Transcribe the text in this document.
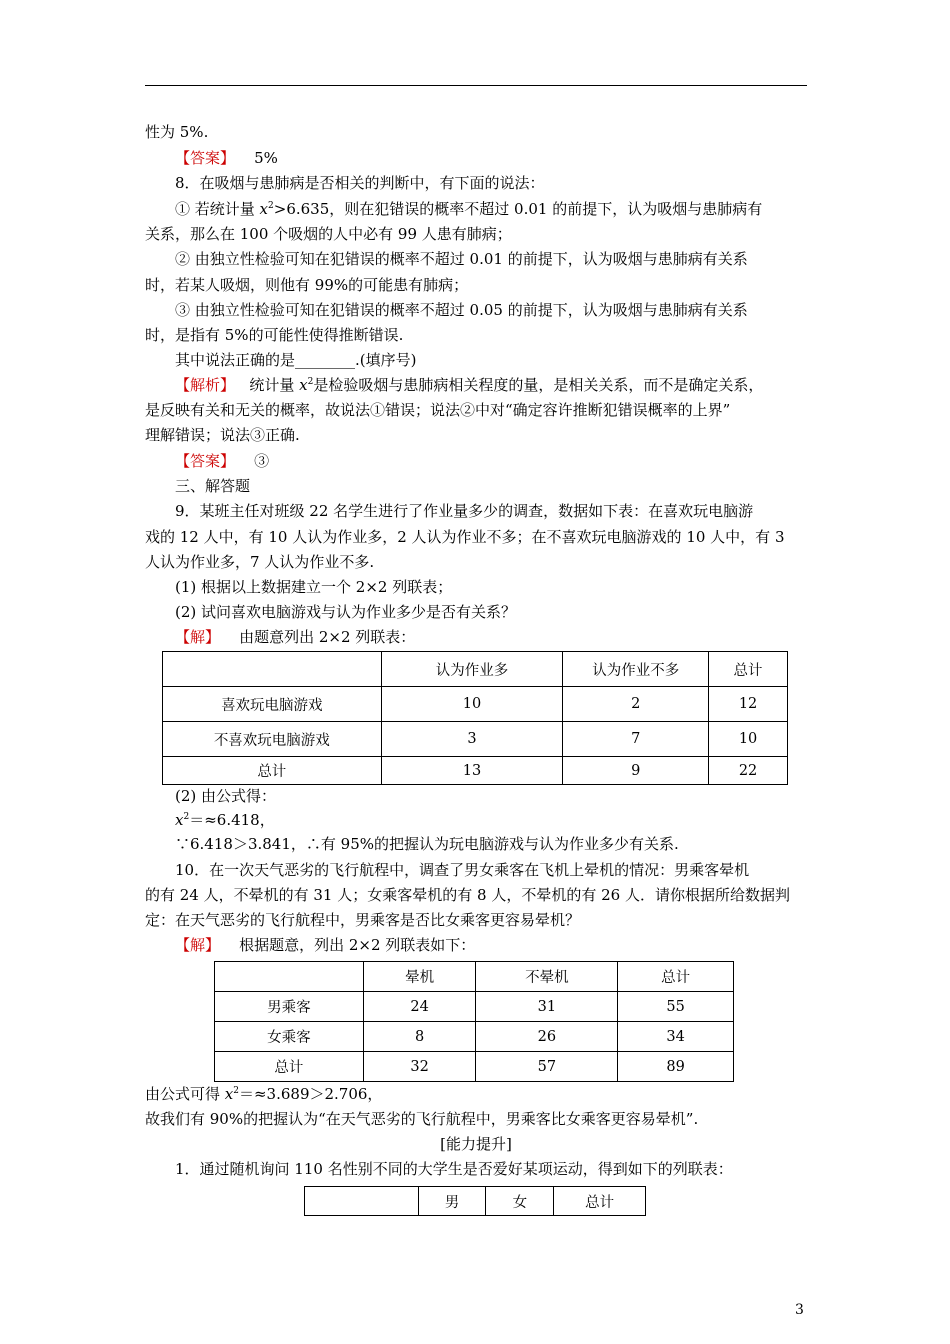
性为 5%.
【答案】 5%
8．在吸烟与患肺病是否相关的判断中，有下面的说法：
① 若统计量 $x^2>6.635$，则在犯错误的概率不超过 0.01 的前提下，认为吸烟与患肺病有
关系，那么在 100 个吸烟的人中必有 99 人患有肺病；
② 由独立性检验可知在犯错误的概率不超过 0.01 的前提下，认为吸烟与患肺病有关系
时，若某人吸烟，则他有 99%的可能患有肺病；
③ 由独立性检验可知在犯错误的概率不超过 0.05 的前提下，认为吸烟与患肺病有关系
时，是指有 5%的可能性使得推断错误.
其中说法正确的是________.(填序号)
【解析】 统计量 $x^2$是检验吸烟与患肺病相关程度的量，是相关关系，而不是确定关系，
是反映有关和无关的概率，故说法①错误；说法②中对“确定容许推断犯错误概率的上界”
理解错误；说法③正确.
【答案】 ③
三、解答题
9．某班主任对班级 22 名学生进行了作业量多少的调查，数据如下表：在喜欢玩电脑游
戏的 12 人中，有 10 人认为作业多，2 人认为作业不多；在不喜欢玩电脑游戏的 10 人中，有 3
人认为作业多，7 人认为作业不多.
(1) 根据以上数据建立一个 2×2 列联表；
(2) 试问喜欢电脑游戏与认为作业多少是否有关系？
【解】 由题意列出 2×2 列联表：
	认为作业多	认为作业不多	总计
喜欢玩电脑游戏	10	2	12
不喜欢玩电脑游戏	3	7	10
总计	13	9	22
(2) 由公式得：
$x^2=\approx 6.418$，
∵6.418＞3.841，∴有 95%的把握认为玩电脑游戏与认为作业多少有关系.
10．在一次天气恶劣的飞行航程中，调查了男女乘客在飞机上晕机的情况：男乘客晕机
的有 24 人，不晕机的有 31 人；女乘客晕机的有 8 人，不晕机的有 26 人．请你根据所给数据判
定：在天气恶劣的飞行航程中，男乘客是否比女乘客更容易晕机？
【解】 根据题意，列出 2×2 列联表如下：
	晕机	不晕机	总计
男乘客	24	31	55
女乘客	8	26	34
总计	32	57	89
由公式可得 $x^2=\approx 3.689>2.706$，
故我们有 90%的把握认为“在天气恶劣的飞行航程中，男乘客比女乘客更容易晕机”.
[能力提升]
1．通过随机询问 110 名性别不同的大学生是否爱好某项运动，得到如下的列联表：
	男	女	总计
3
